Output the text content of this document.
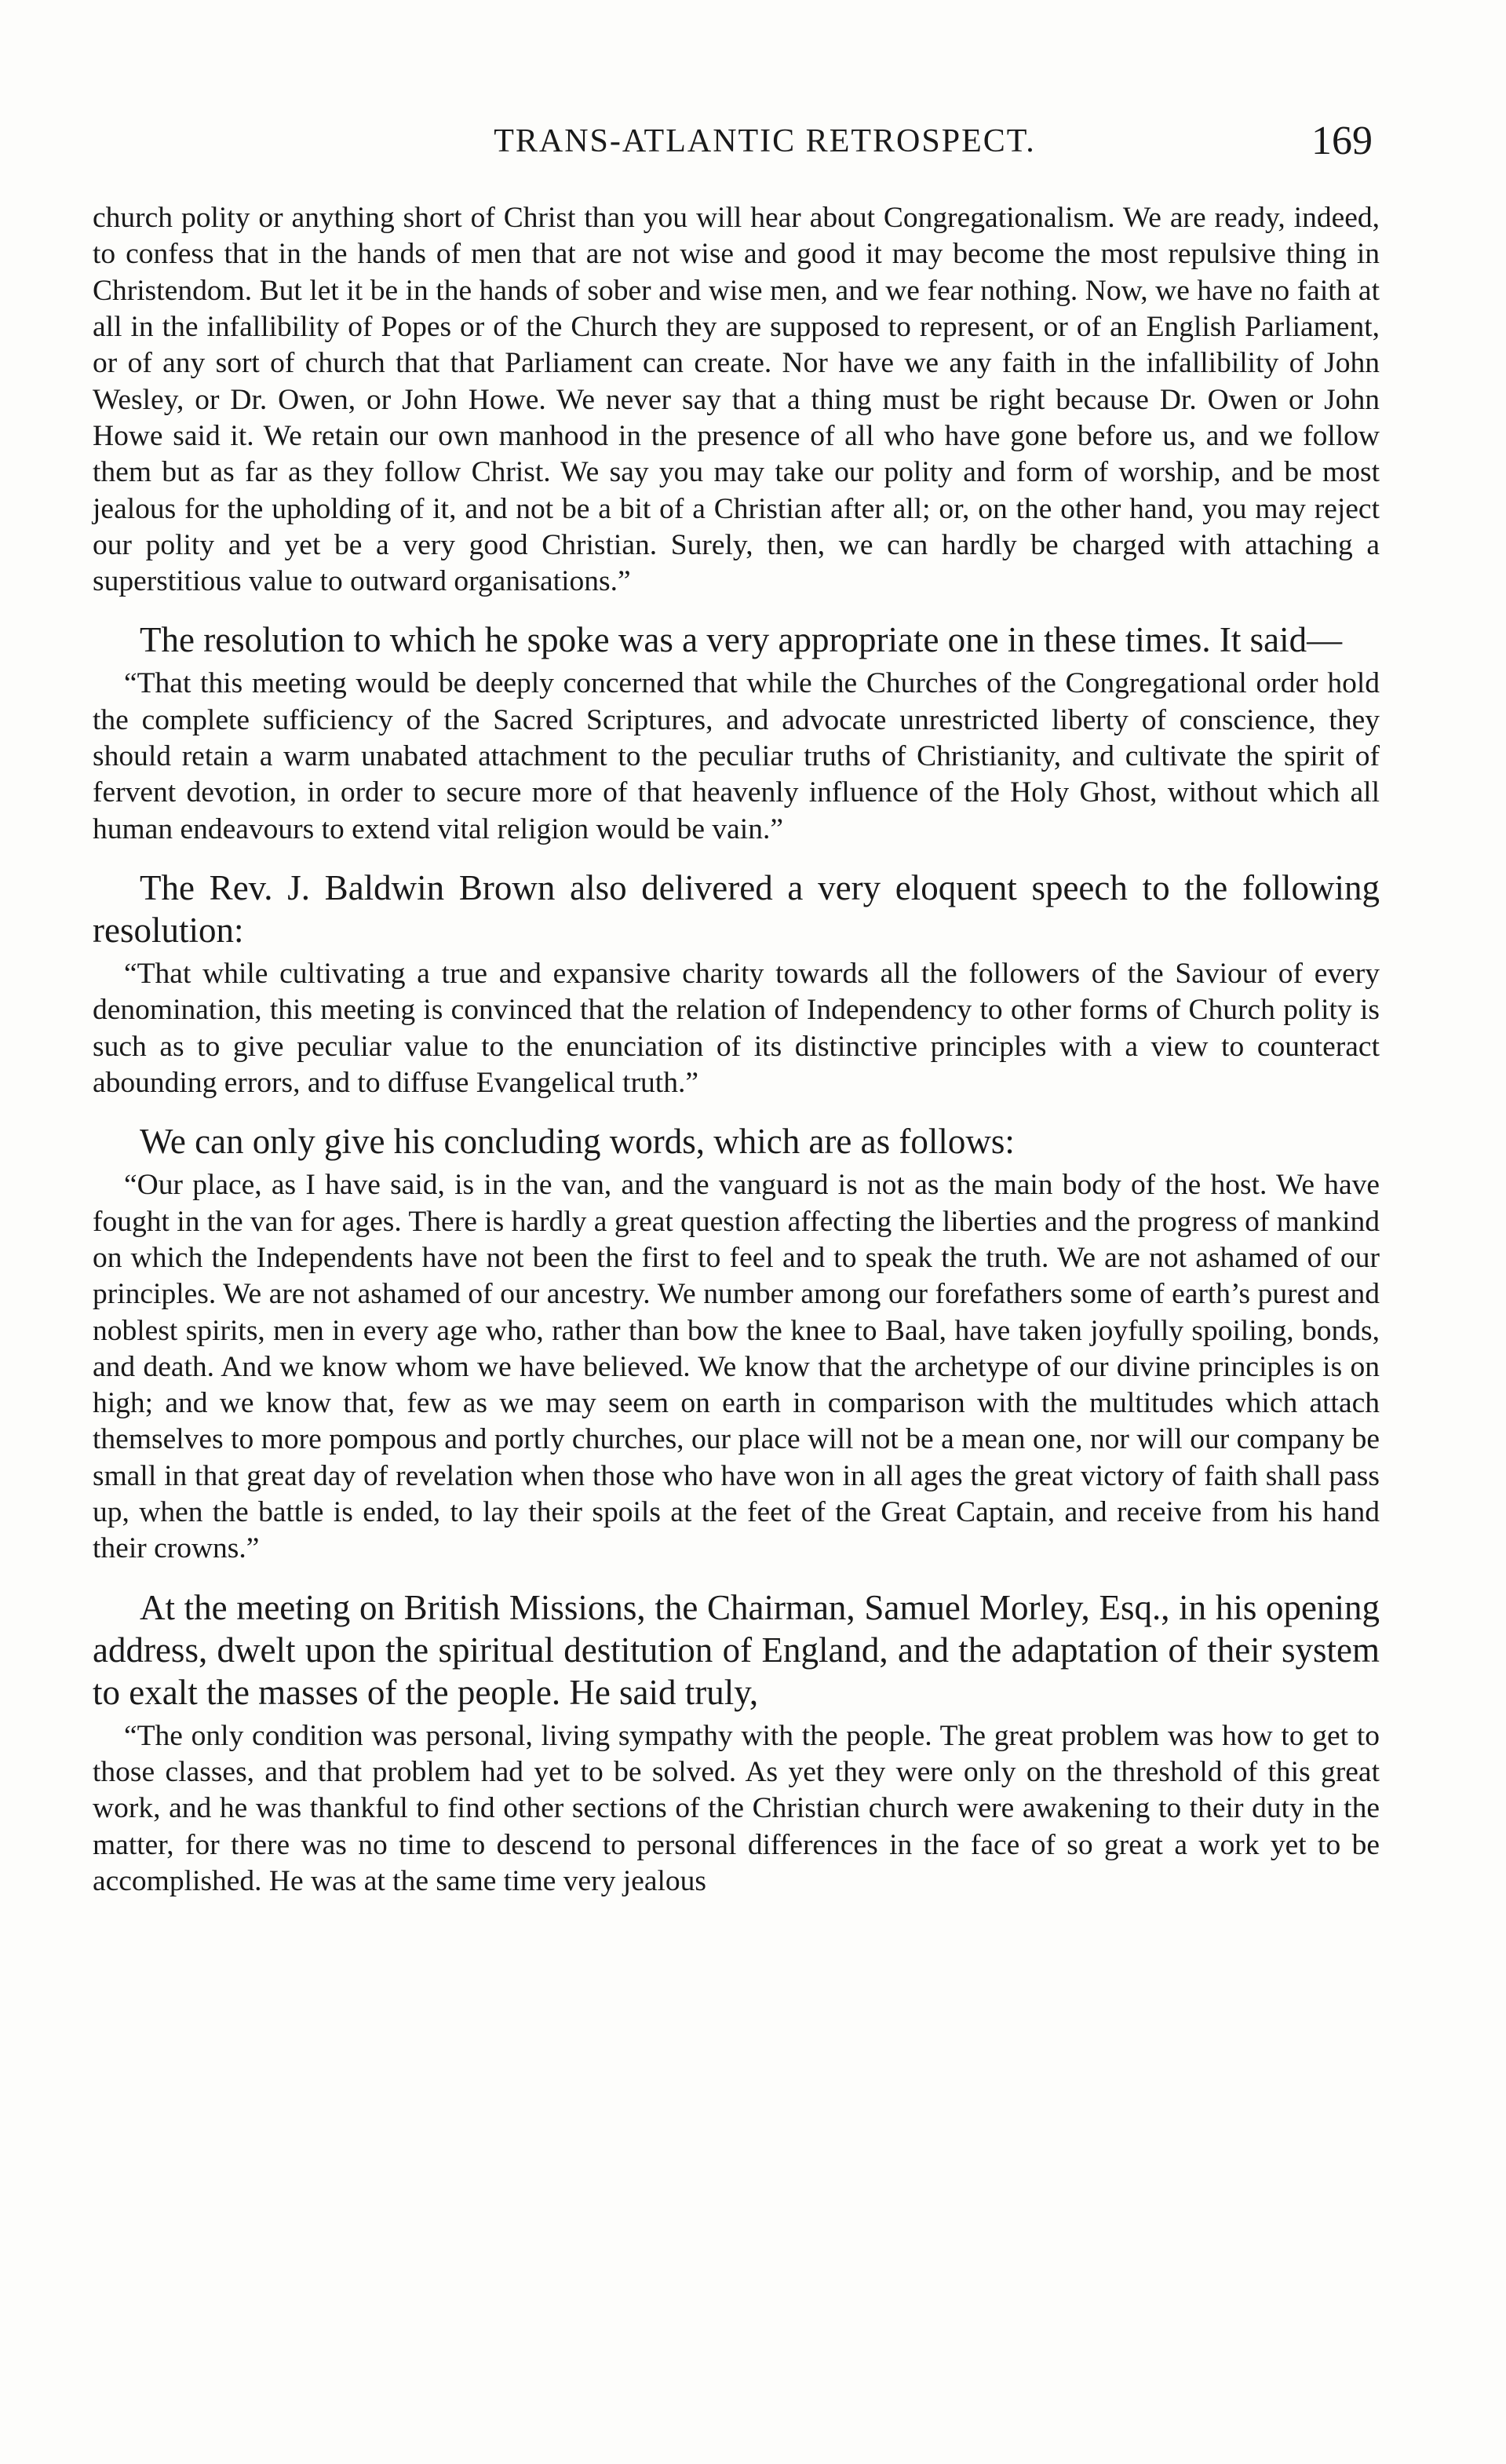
TRANS-ATLANTIC RETROSPECT.	169

church polity or anything short of Christ than you will hear about Congregationalism. We are ready, indeed, to confess that in the hands of men that are not wise and good it may become the most repulsive thing in Christendom. But let it be in the hands of sober and wise men, and we fear nothing. Now, we have no faith at all in the infallibility of Popes or of the Church they are supposed to represent, or of an English Parliament, or of any sort of church that that Parliament can create. Nor have we any faith in the infallibility of John Wesley, or Dr. Owen, or John Howe. We never say that a thing must be right because Dr. Owen or John Howe said it. We retain our own manhood in the presence of all who have gone before us, and we follow them but as far as they follow Christ. We say you may take our polity and form of worship, and be most jealous for the upholding of it, and not be a bit of a Christian after all; or, on the other hand, you may reject our polity and yet be a very good Christian. Surely, then, we can hardly be charged with attaching a superstitious value to outward organisations.”

The resolution to which he spoke was a very appropriate one in these times. It said—

“That this meeting would be deeply concerned that while the Churches of the Congregational order hold the complete sufficiency of the Sacred Scriptures, and advocate unrestricted liberty of conscience, they should retain a warm unabated attachment to the peculiar truths of Christianity, and cultivate the spirit of fervent devotion, in order to secure more of that heavenly influence of the Holy Ghost, without which all human endeavours to extend vital religion would be vain.”

The Rev. J. Baldwin Brown also delivered a very eloquent speech to the following resolution:

“That while cultivating a true and expansive charity towards all the followers of the Saviour of every denomination, this meeting is convinced that the relation of Independency to other forms of Church polity is such as to give peculiar value to the enunciation of its distinctive principles with a view to counteract abounding errors, and to diffuse Evangelical truth.”

We can only give his concluding words, which are as follows:

“Our place, as I have said, is in the van, and the vanguard is not as the main body of the host. We have fought in the van for ages. There is hardly a great question affecting the liberties and the progress of mankind on which the Independents have not been the first to feel and to speak the truth. We are not ashamed of our principles. We are not ashamed of our ancestry. We number among our forefathers some of earth’s purest and noblest spirits, men in every age who, rather than bow the knee to Baal, have taken joyfully spoiling, bonds, and death. And we know whom we have believed. We know that the archetype of our divine principles is on high; and we know that, few as we may seem on earth in comparison with the multitudes which attach themselves to more pompous and portly churches, our place will not be a mean one, nor will our company be small in that great day of revelation when those who have won in all ages the great victory of faith shall pass up, when the battle is ended, to lay their spoils at the feet of the Great Captain, and receive from his hand their crowns.”

At the meeting on British Missions, the Chairman, Samuel Morley, Esq., in his opening address, dwelt upon the spiritual destitution of England, and the adaptation of their system to exalt the masses of the people. He said truly,

“The only condition was personal, living sympathy with the people. The great problem was how to get to those classes, and that problem had yet to be solved. As yet they were only on the threshold of this great work, and he was thankful to find other sections of the Christian church were awakening to their duty in the matter, for there was no time to descend to personal differences in the face of so great a work yet to be accomplished. He was at the same time very jealous
